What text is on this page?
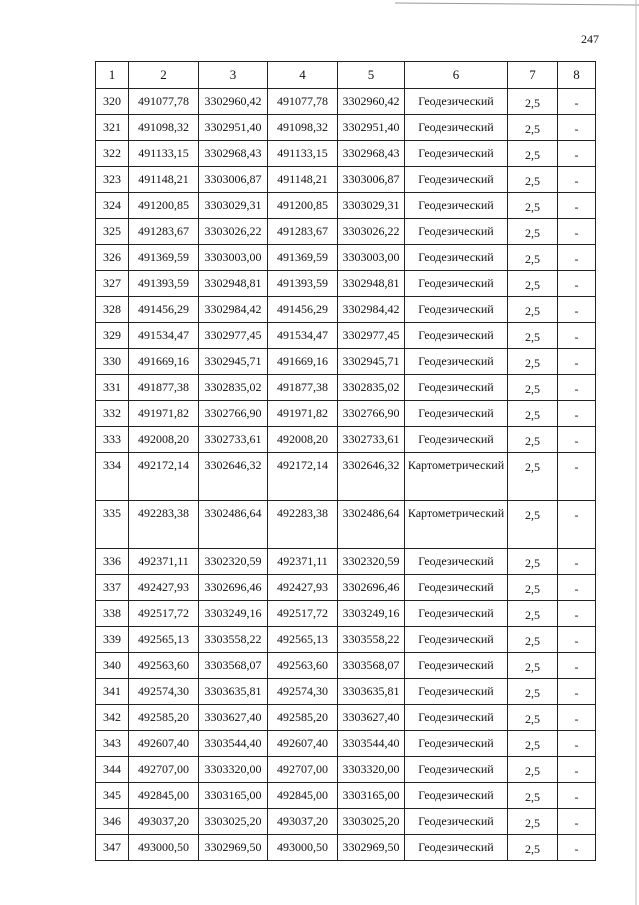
247
1	2	3	4	5	6	7	8
320	491077,78	3302960,42	491077,78	3302960,42	Геодезический	2,5	-
321	491098,32	3302951,40	491098,32	3302951,40	Геодезический	2,5	-
322	491133,15	3302968,43	491133,15	3302968,43	Геодезический	2,5	-
323	491148,21	3303006,87	491148,21	3303006,87	Геодезический	2,5	-
324	491200,85	3303029,31	491200,85	3303029,31	Геодезический	2,5	-
325	491283,67	3303026,22	491283,67	3303026,22	Геодезический	2,5	-
326	491369,59	3303003,00	491369,59	3303003,00	Геодезический	2,5	-
327	491393,59	3302948,81	491393,59	3302948,81	Геодезический	2,5	-
328	491456,29	3302984,42	491456,29	3302984,42	Геодезический	2,5	-
329	491534,47	3302977,45	491534,47	3302977,45	Геодезический	2,5	-
330	491669,16	3302945,71	491669,16	3302945,71	Геодезический	2,5	-
331	491877,38	3302835,02	491877,38	3302835,02	Геодезический	2,5	-
332	491971,82	3302766,90	491971,82	3302766,90	Геодезический	2,5	-
333	492008,20	3302733,61	492008,20	3302733,61	Геодезический	2,5	-
334	492172,14	3302646,32	492172,14	3302646,32	Картометрический	2,5	-
335	492283,38	3302486,64	492283,38	3302486,64	Картометрический	2,5	-
336	492371,11	3302320,59	492371,11	3302320,59	Геодезический	2,5	-
337	492427,93	3302696,46	492427,93	3302696,46	Геодезический	2,5	-
338	492517,72	3303249,16	492517,72	3303249,16	Геодезический	2,5	-
339	492565,13	3303558,22	492565,13	3303558,22	Геодезический	2,5	-
340	492563,60	3303568,07	492563,60	3303568,07	Геодезический	2,5	-
341	492574,30	3303635,81	492574,30	3303635,81	Геодезический	2,5	-
342	492585,20	3303627,40	492585,20	3303627,40	Геодезический	2,5	-
343	492607,40	3303544,40	492607,40	3303544,40	Геодезический	2,5	-
344	492707,00	3303320,00	492707,00	3303320,00	Геодезический	2,5	-
345	492845,00	3303165,00	492845,00	3303165,00	Геодезический	2,5	-
346	493037,20	3303025,20	493037,20	3303025,20	Геодезический	2,5	-
347	493000,50	3302969,50	493000,50	3302969,50	Геодезический	2,5	-
